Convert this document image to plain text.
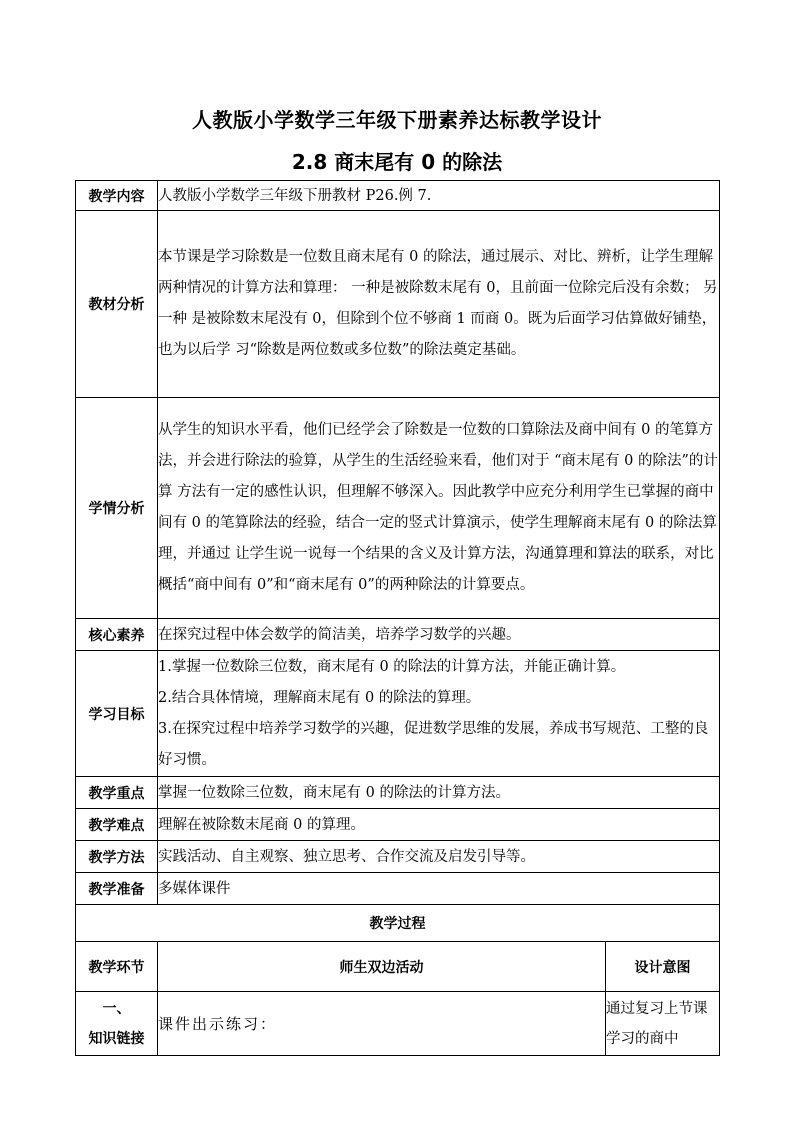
人教版小学数学三年级下册素养达标教学设计
2.8 商末尾有 0 的除法
教学内容	人教版小学数学三年级下册教材 P26.例 7.	
教材分析	本节课是学习除数是一位数且商末尾有 0 的除法，通过展示、对比、辨析，让学生理解 两种情况的计算方法和算理： 一种是被除数末尾有 0，且前面一位除完后没有余数； 另一种 是被除数末尾没有 0，但除到个位不够商 1 而商 0。既为后面学习估算做好铺垫，也为以后学 习“除数是两位数或多位数”的除法奠定基础。	
学情分析	从学生的知识水平看，他们已经学会了除数是一位数的口算除法及商中间有 0 的笔算方法，并会进行除法的验算，从学生的生活经验来看，他们对于 “商末尾有 0 的除法”的计算 方法有一定的感性认识，但理解不够深入。因此教学中应充分利用学生已掌握的商中间有 0 的笔算除法的经验，结合一定的竖式计算演示，使学生理解商末尾有 0 的除法算理，并通过 让学生说一说每一个结果的含义及计算方法，沟通算理和算法的联系，对比概括“商中间有 0”和“商末尾有 0”的两种除法的计算要点。	
核心素养	在探究过程中体会数学的简洁美，培养学习数学的兴趣。	
学习目标	1.掌握一位数除三位数，商末尾有 0 的除法的计算方法，并能正确计算。
2.结合具体情境，理解商末尾有 0 的除法的算理。
3.在探究过程中培养学习数学的兴趣，促进数学思维的发展，养成书写规范、工整的良好习惯。	

教学重点	掌握一位数除三位数，商末尾有 0 的除法的计算方法。	
教学难点	理解在被除数末尾商 0 的算理。	
教学方法	实践活动、自主观察、独立思考、合作交流及启发引导等。	
教学准备	多媒体课件	
教学过程		
教学环节	师生双边活动	设计意图

一、
知识链接	课件出示练习：	通过复习上节课学习的商中
